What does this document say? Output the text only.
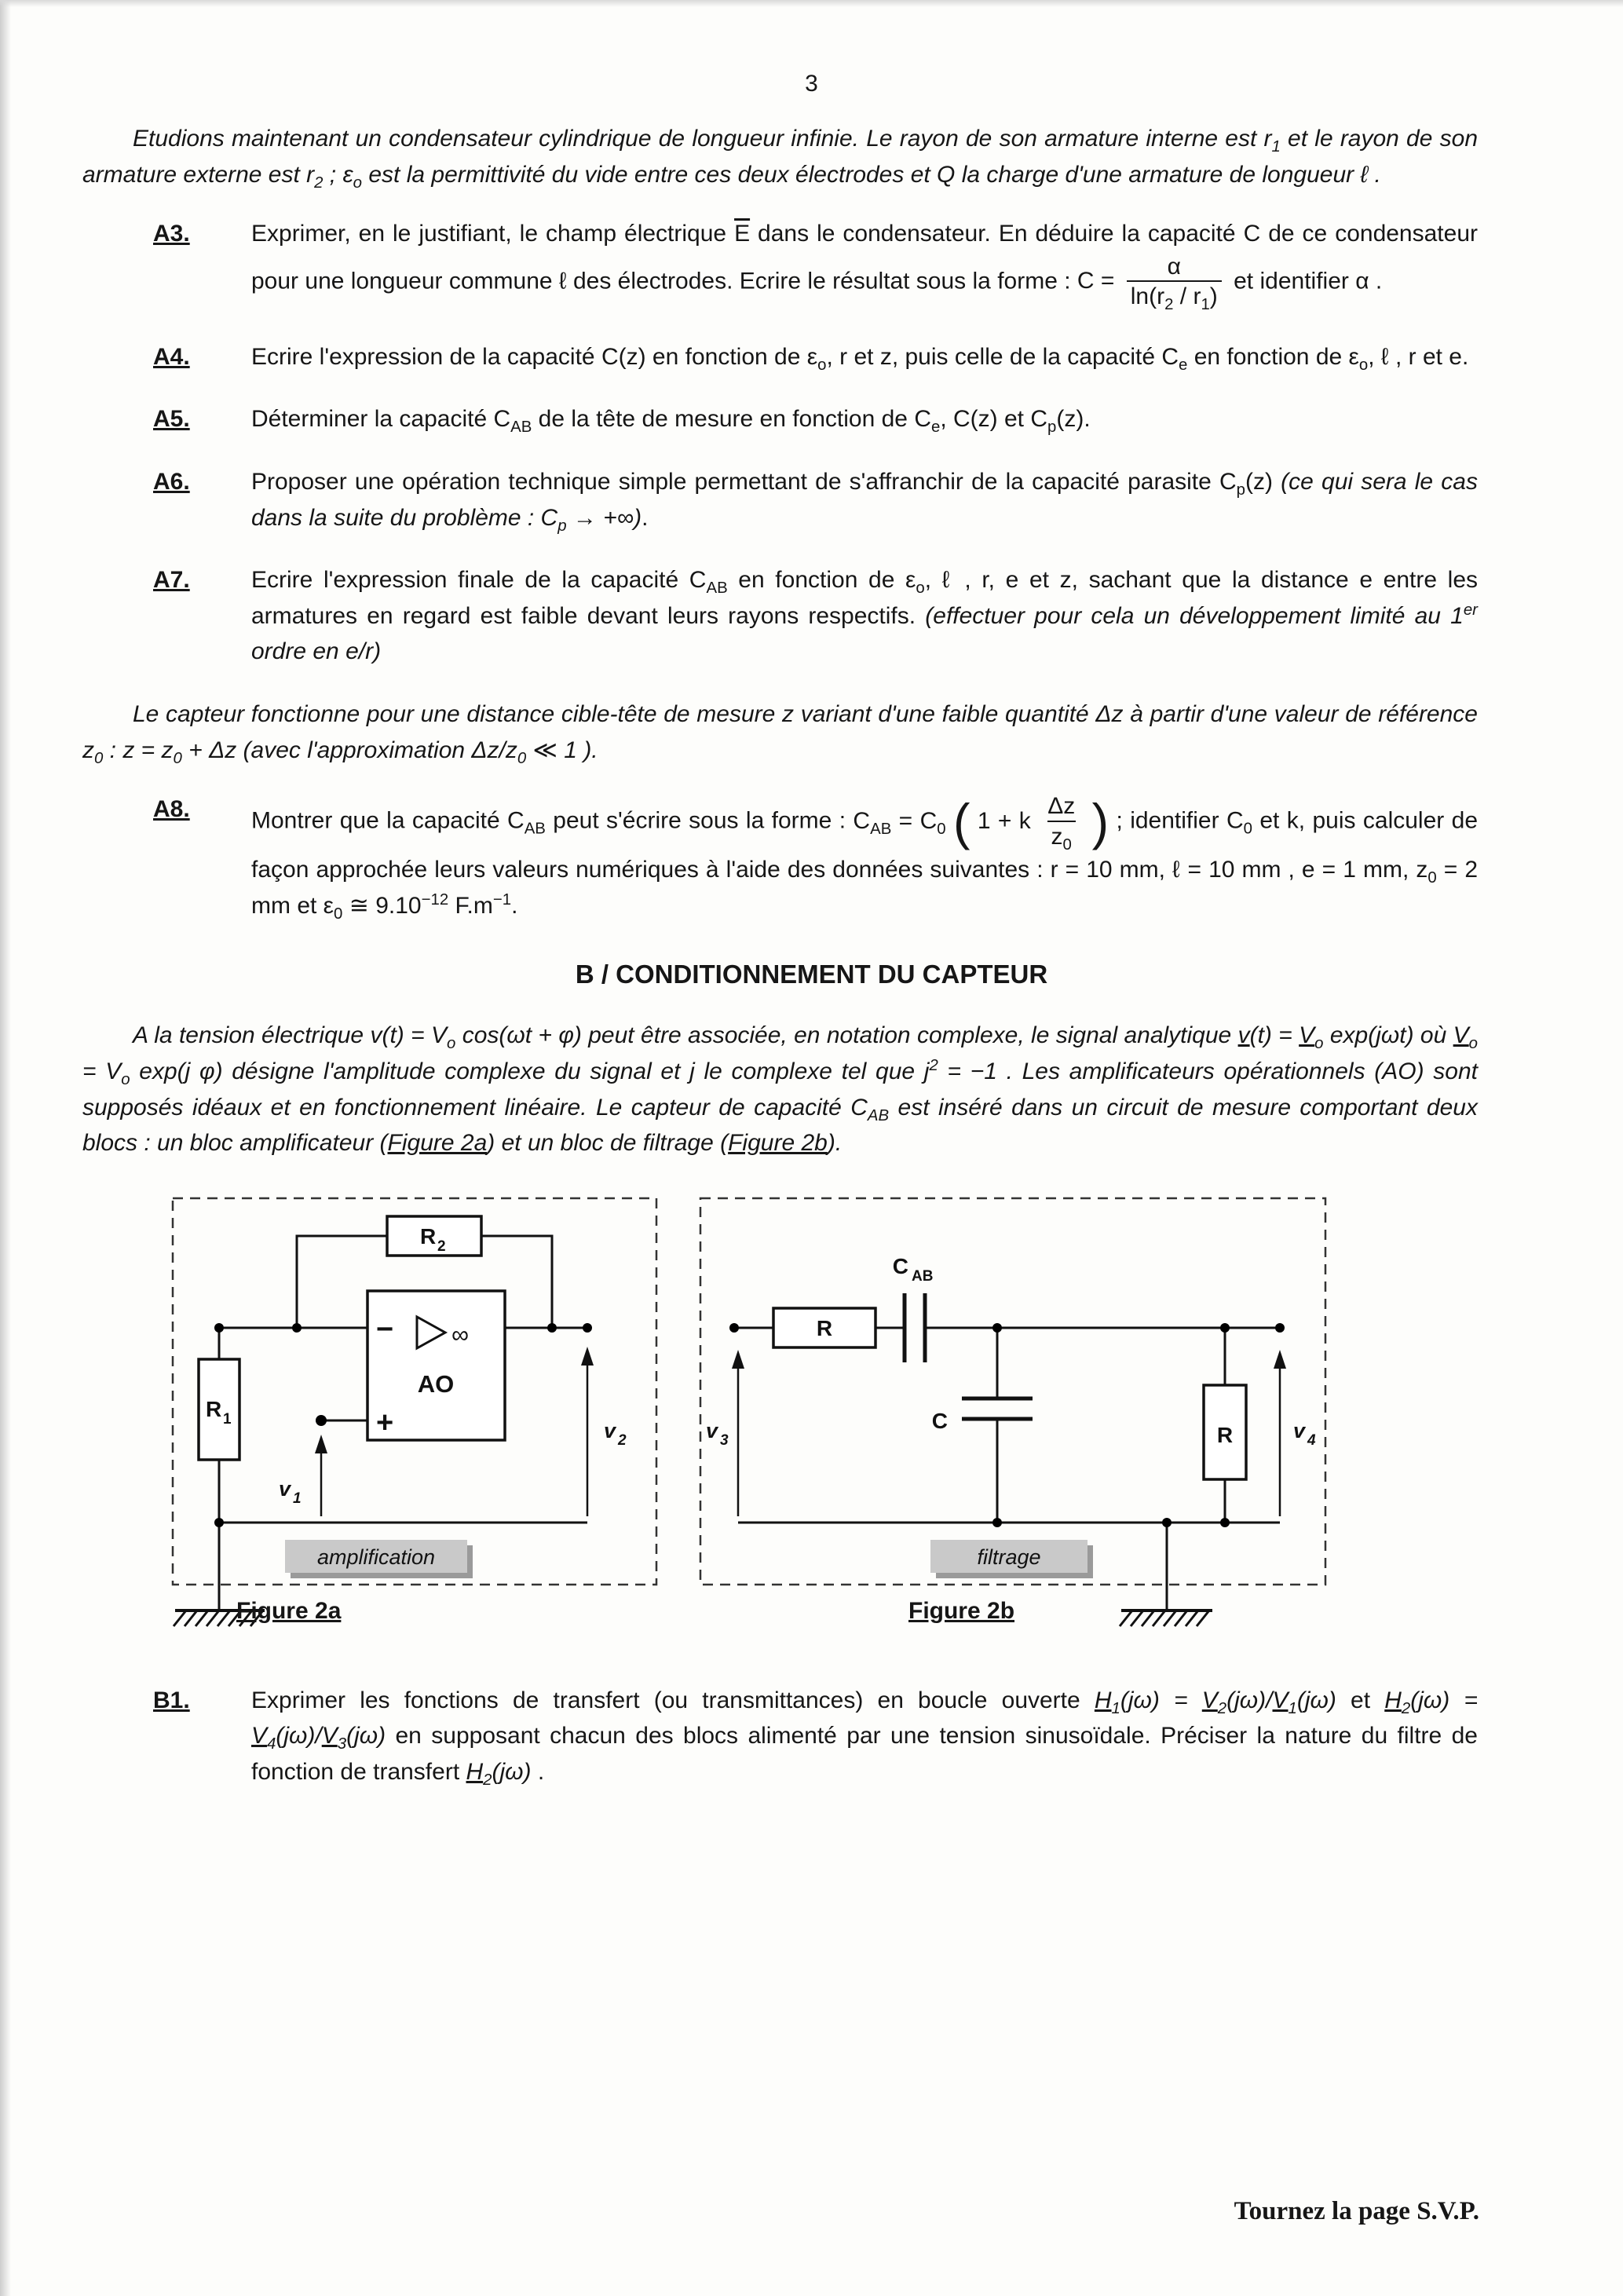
3

Etudions maintenant un condensateur cylindrique de longueur infinie. Le rayon de son armature interne est $r_1$ et le rayon de son armature externe est $r_2$ ; $\varepsilon_o$ est la permittivité du vide entre ces deux électrodes et Q la charge d'une armature de longueur ℓ .

A3.	Exprimer, en le justifiant, le champ électrique $\overline{E}$ dans le condensateur. En déduire la capacité C de ce condensateur pour une longueur commune ℓ des électrodes. Ecrire le résultat sous la forme : $C = \frac{\alpha}{\ln(r_2 / r_1)}$ et identifier α .
A4.	Ecrire l'expression de la capacité C(z) en fonction de $\varepsilon_o$, r et z, puis celle de la capacité $C_e$ en fonction de $\varepsilon_o$, ℓ , r et e.
A5.	Déterminer la capacité $C_{AB}$ de la tête de mesure en fonction de $C_e$, C(z) et $C_p(z)$.
A6.	Proposer une opération technique simple permettant de s'affranchir de la capacité parasite $C_p(z)$ (ce qui sera le cas dans la suite du problème : $C_p$ → +∞).
A7.	Ecrire l'expression finale de la capacité $C_{AB}$ en fonction de $\varepsilon_o$, ℓ , r, e et z, sachant que la distance e entre les armatures en regard est faible devant leurs rayons respectifs. (effectuer pour cela un développement limité au 1er ordre en e/r)

Le capteur fonctionne pour une distance cible-tête de mesure z variant d'une faible quantité Δz à partir d'une valeur de référence $z_0$ : $z = z_0 + \Delta z$ (avec l'approximation $\Delta z/z_0$ ≪ 1 ).

A8.	Montrer que la capacité $C_{AB}$ peut s'écrire sous la forme : $C_{AB} = C_0$ ( 1 + k $\frac{\Delta z}{z_0}$ ) ; identifier $C_0$ et k, puis calculer de façon approchée leurs valeurs numériques à l'aide des données suivantes : r = 10 mm, ℓ = 10 mm , e = 1 mm, $z_0 = 2$ mm et $\varepsilon_0$ ≅ $9.10^{-12}$ $F.m^{-1}$.
B / CONDITIONNEMENT DU CAPTEUR

A la tension électrique $v(t) = V_o$ cos(ωt + φ) peut être associée, en notation complexe, le signal analytique $v(t) = V_o$ exp(jωt) où $V_o = V_o$ exp(j φ) désigne l'amplitude complexe du signal et j le complexe tel que $j^2 = -1$ . Les amplificateurs opérationnels (AO) sont supposés idéaux et en fonctionnement linéaire. Le capteur de capacité $C_{AB}$ est inséré dans un circuit de mesure comportant deux blocs : un bloc amplificateur (Figure 2a) et un bloc de filtrage (Figure 2b).

R 2
− ∞
AO
+
R 1
v 1
v 2
amplification
R
C AB
C
R
v 3	v 4
filtrage
Figure 2a	Figure 2b
B1.	Exprimer les fonctions de transfert (ou transmittances) en boucle ouverte $H_1(j\omega) = V_2(j\omega)/V_1(j\omega)$ et $H_2(j\omega) = V_4(j\omega)/V_3(j\omega)$ en supposant chacun des blocs alimenté par une tension sinusoïdale. Préciser la nature du filtre de fonction de transfert $H_2(j\omega)$ .
Tournez la page S.V.P.
